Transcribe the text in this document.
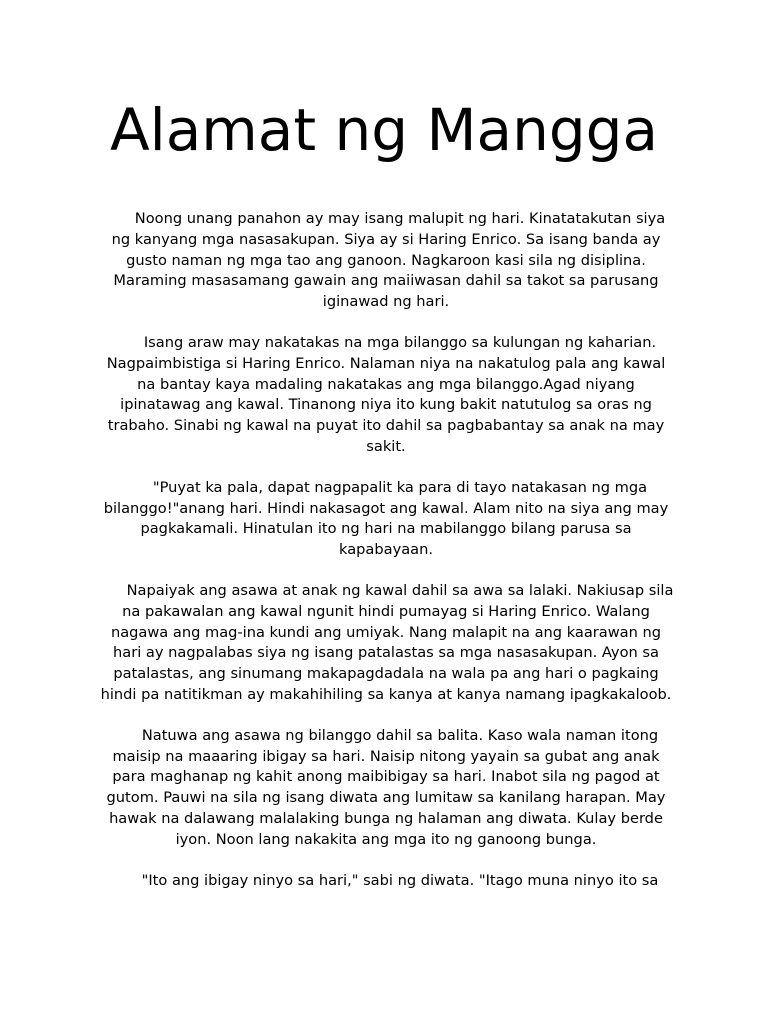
Alamat ng Mangga

Noong unang panahon ay may isang malupit ng hari. Kinatatakutan siya ng kanyang mga nasasakupan. Siya ay si Haring Enrico. Sa isang banda ay gusto naman ng mga tao ang ganoon. Nagkaroon kasi sila ng disiplina. Maraming masasamang gawain ang maiiwasan dahil sa takot sa parusang iginawad ng hari.

Isang araw may nakatakas na mga bilanggo sa kulungan ng kaharian. Nagpaimbistiga si Haring Enrico. Nalaman niya na nakatulog pala ang kawal na bantay kaya madaling nakatakas ang mga bilanggo.Agad niyang ipinatawag ang kawal. Tinanong niya ito kung bakit natutulog sa oras ng trabaho. Sinabi ng kawal na puyat ito dahil sa pagbabantay sa anak na may sakit.

"Puyat ka pala, dapat nagpapalit ka para di tayo natakasan ng mga bilanggo!"anang hari. Hindi nakasagot ang kawal. Alam nito na siya ang may pagkakamali. Hinatulan ito ng hari na mabilanggo bilang parusa sa kapabayaan.

Napaiyak ang asawa at anak ng kawal dahil sa awa sa lalaki. Nakiusap sila na pakawalan ang kawal ngunit hindi pumayag si Haring Enrico. Walang nagawa ang mag-ina kundi ang umiyak. Nang malapit na ang kaarawan ng hari ay nagpalabas siya ng isang patalastas sa mga nasasakupan. Ayon sa patalastas, ang sinumang makapagdadala na wala pa ang hari o pagkaing hindi pa natitikman ay makahihiling sa kanya at kanya namang ipagkakaloob.

Natuwa ang asawa ng bilanggo dahil sa balita. Kaso wala naman itong maisip na maaaring ibigay sa hari. Naisip nitong yayain sa gubat ang anak para maghanap ng kahit anong maibibigay sa hari. Inabot sila ng pagod at gutom. Pauwi na sila ng isang diwata ang lumitaw sa kanilang harapan. May hawak na dalawang malalaking bunga ng halaman ang diwata. Kulay berde iyon. Noon lang nakakita ang mga ito ng ganoong bunga.

"Ito ang ibigay ninyo sa hari," sabi ng diwata. "Itago muna ninyo ito sa
